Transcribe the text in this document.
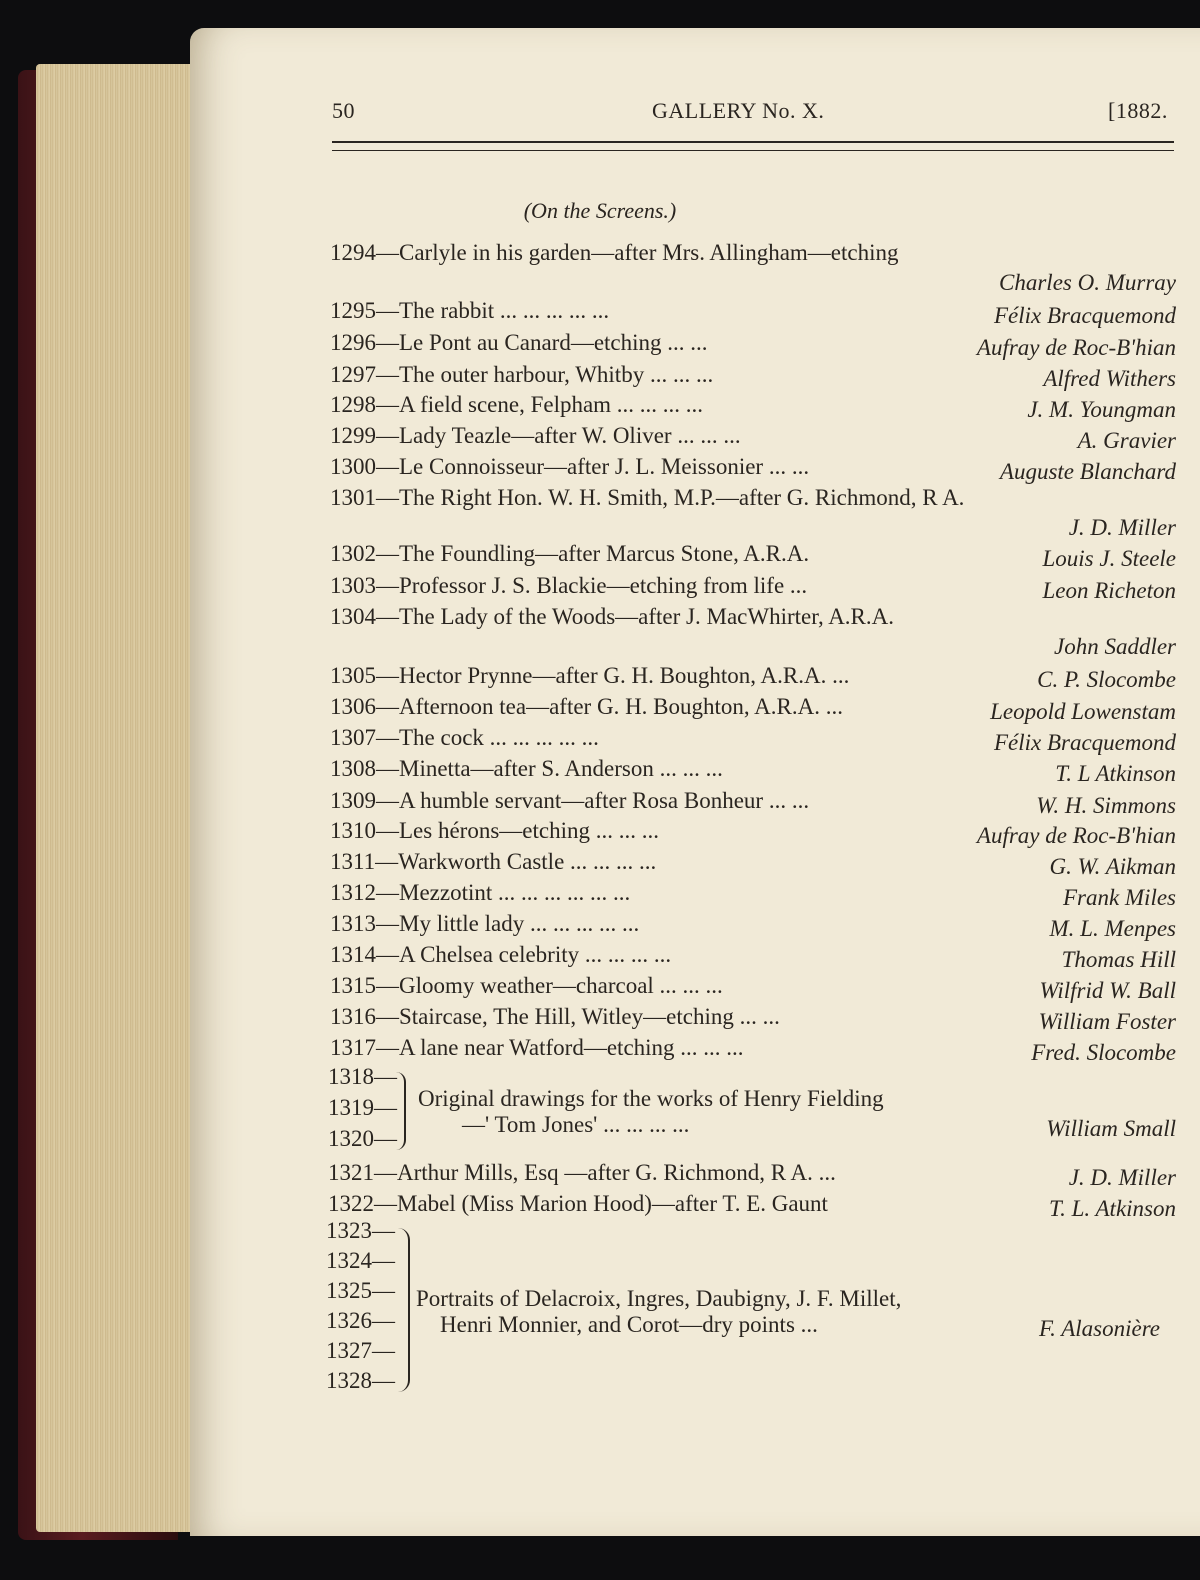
50	GALLERY No. X.	[1882.
(On the Screens.)
1294—Carlyle in his garden—after Mrs. Allingham—etching
Charles O. Murray
1295—The rabbit ... ... ... ... ...	Félix Bracquemond
1296—Le Pont au Canard—etching ... ...	Aufray de Roc-B'hian
1297—The outer harbour, Whitby ... ... ...	Alfred Withers
1298—A field scene, Felpham ... ... ... ...	J. M. Youngman
1299—Lady Teazle—after W. Oliver ... ... ...	A. Gravier
1300—Le Connoisseur—after J. L. Meissonier ... ...	Auguste Blanchard
1301—The Right Hon. W. H. Smith, M.P.—after G. Richmond, R A.
J. D. Miller
1302—The Foundling—after Marcus Stone, A.R.A.	Louis J. Steele
1303—Professor J. S. Blackie—etching from life ...	Leon Richeton
1304—The Lady of the Woods—after J. MacWhirter, A.R.A.
John Saddler
1305—Hector Prynne—after G. H. Boughton, A.R.A. ...	C. P. Slocombe
1306—Afternoon tea—after G. H. Boughton, A.R.A. ...	Leopold Lowenstam
1307—The cock ... ... ... ... ...	Félix Bracquemond
1308—Minetta—after S. Anderson ... ... ...	T. L Atkinson
1309—A humble servant—after Rosa Bonheur ... ...	W. H. Simmons
1310—Les hérons—etching ... ... ...	Aufray de Roc-B'hian
1311—Warkworth Castle ... ... ... ...	G. W. Aikman
1312—Mezzotint ... ... ... ... ... ...	Frank Miles
1313—My little lady ... ... ... ... ...	M. L. Menpes
1314—A Chelsea celebrity ... ... ... ...	Thomas Hill
1315—Gloomy weather—charcoal ... ... ...	Wilfrid W. Ball
1316—Staircase, The Hill, Witley—etching ... ...	William Foster
1317—A lane near Watford—etching ... ... ...	Fred. Slocombe
1318—
1319—
1320—
Original drawings for the works of Henry Fielding
—' Tom Jones' ... ... ... ...	William Small
1321—Arthur Mills, Esq —after G. Richmond, R A. ...	J. D. Miller
1322—Mabel (Miss Marion Hood)—after T. E. Gaunt	T. L. Atkinson
1323—
1324—
1325—
1326—
1327—
1328—
Portraits of Delacroix, Ingres, Daubigny, J. F. Millet,
Henri Monnier, and Corot—dry points ...	F. Alasonière
